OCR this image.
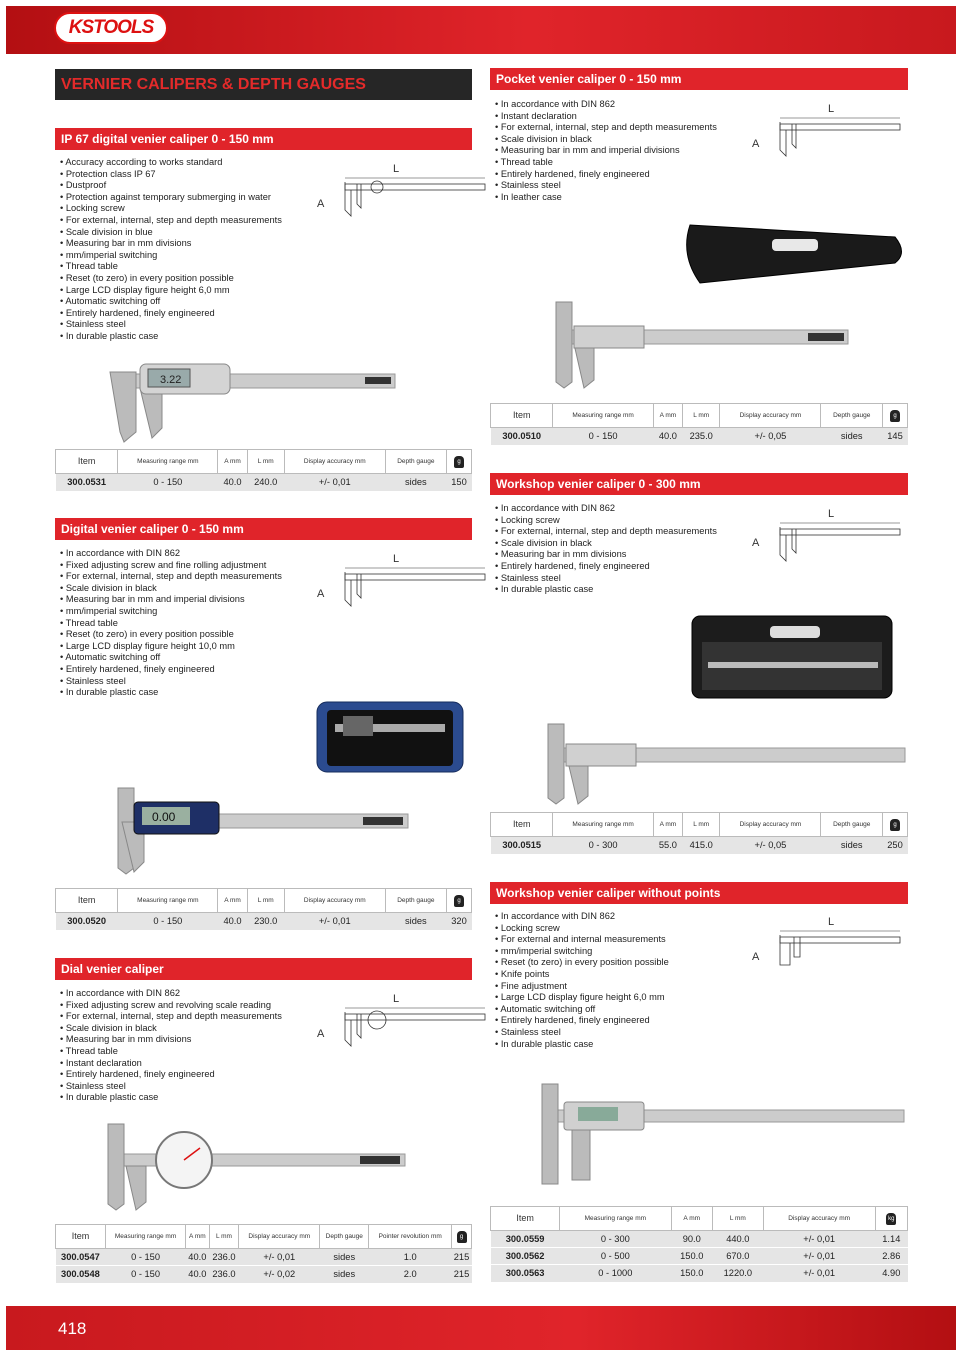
KSTOOLS
VERNIER CALIPERS & DEPTH GAUGES
IP 67 digital venier caliper 0 - 150 mm
• Accuracy according to works standard
• Protection class IP 67
• Dustproof
• Protection against temporary submerging in water
• Locking screw
• For external, internal, step and depth measurements
• Scale division in blue
• Measuring bar in mm divisions
• mm/imperial switching
• Thread table
• Reset (to zero) in every position possible
• Large LCD display figure height 6,0 mm
• Automatic switching off
• Entirely hardened, finely engineered
• Stainless steel
• In durable plastic case
L
A
3.22
Item	Measuring range mm	A mm	L mm	Display accuracy mm	Depth gauge	g
300.0531	0 - 150	40.0	240.0	+/- 0,01	sides	150
Digital venier caliper 0 - 150 mm
• In accordance with DIN 862
• Fixed adjusting screw and fine rolling adjustment
• For external, internal, step and depth measurements
• Scale division in black
• Measuring bar in mm and imperial divisions
• mm/imperial switching
• Thread table
• Reset (to zero) in every position possible
• Large LCD display figure height 10,0 mm
• Automatic switching off
• Entirely hardened, finely engineered
• Stainless steel
• In durable plastic case
L
A
0.00
Item	Measuring range mm	A mm	L mm	Display accuracy mm	Depth gauge	g
300.0520	0 - 150	40.0	230.0	+/- 0,01	sides	320
Dial venier caliper
• In accordance with DIN 862
• Fixed adjusting screw and revolving scale reading
• For external, internal, step and depth measurements
• Scale division in black
• Measuring bar in mm divisions
• Thread table
• Instant declaration
• Entirely hardened, finely engineered
• Stainless steel
• In durable plastic case
L
A
Item	Measuring range mm	A mm	L mm	Display accuracy mm	Depth gauge	Pointer revolution mm	g
300.0547	0 - 150	40.0	236.0	+/- 0,01	sides	1.0	215
300.0548	0 - 150	40.0	236.0	+/- 0,02	sides	2.0	215
Pocket venier caliper 0 - 150 mm
• In accordance with DIN 862
• Instant declaration
• For external, internal, step and depth measurements
• Scale division in black
• Measuring bar in mm and imperial divisions
• Thread table
• Entirely hardened, finely engineered
• Stainless steel
• In leather case
L
A
Item	Measuring range mm	A mm	L mm	Display accuracy mm	Depth gauge	g
300.0510	0 - 150	40.0	235.0	+/- 0,05	sides	145
Workshop venier caliper 0 - 300 mm
• In accordance with DIN 862
• Locking screw
• For external, internal, step and depth measurements
• Scale division in black
• Measuring bar in mm divisions
• Entirely hardened, finely engineered
• Stainless steel
• In durable plastic case
L
A
Item	Measuring range mm	A mm	L mm	Display accuracy mm	Depth gauge	g
300.0515	0 - 300	55.0	415.0	+/- 0,05	sides	250
Workshop venier caliper without points
• In accordance with DIN 862
• Locking screw
• For external and internal measurements
• mm/imperial switching
• Reset (to zero) in every position possible
• Knife points
• Fine adjustment
• Large LCD display figure height 6,0 mm
• Automatic switching off
• Entirely hardened, finely engineered
• Stainless steel
• In durable plastic case
L
A
Item	Measuring range mm	A mm	L mm	Display accuracy mm	kg
300.0559	0 - 300	90.0	440.0	+/- 0,01	1.14
300.0562	0 - 500	150.0	670.0	+/- 0,01	2.86
300.0563	0 - 1000	150.0	1220.0	+/- 0,01	4.90
418
